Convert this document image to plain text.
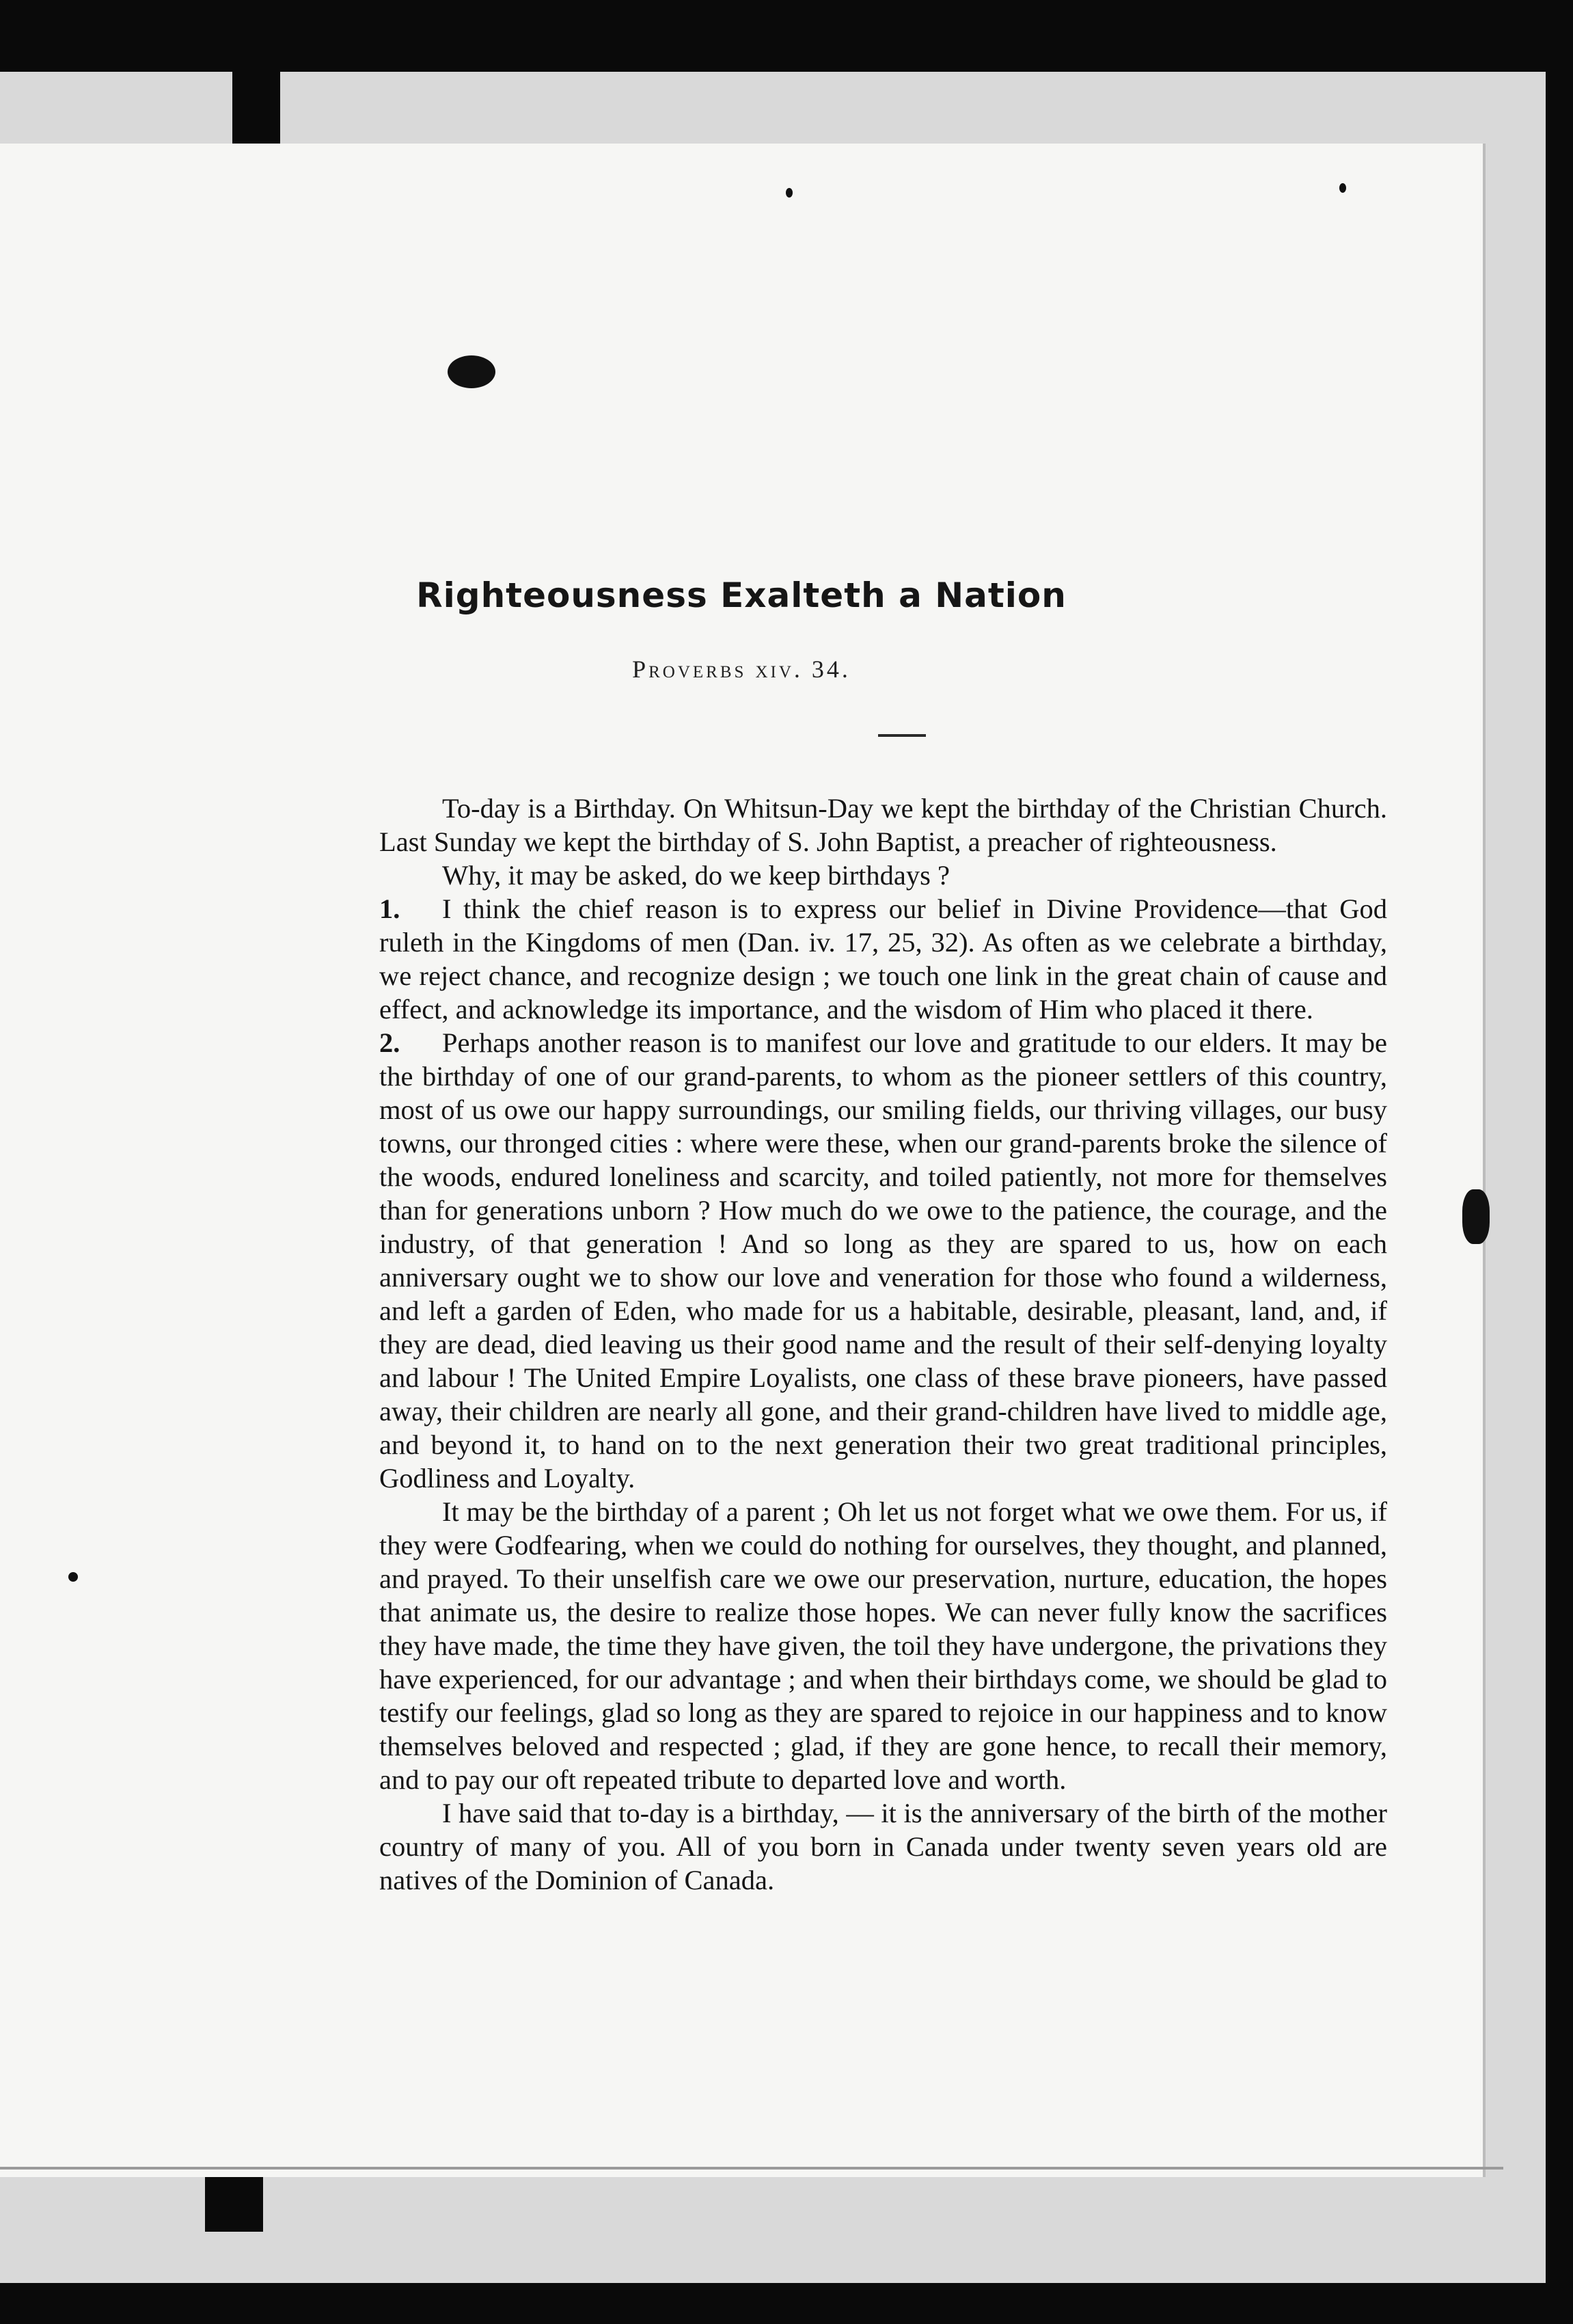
Righteousness Exalteth a Nation
Proverbs xiv. 34.

To-day is a Birthday. On Whitsun-Day we kept the birthday of the Christian Church. Last Sunday we kept the birthday of S. John Baptist, a preacher of righteousness.

Why, it may be asked, do we keep birthdays ?

1. I think the chief reason is to express our belief in Divine Providence—that God ruleth in the Kingdoms of men (Dan. iv. 17, 25, 32). As often as we celebrate a birthday, we reject chance, and recognize design ; we touch one link in the great chain of cause and effect, and acknowledge its importance, and the wisdom of Him who placed it there.

2. Perhaps another reason is to manifest our love and gratitude to our elders. It may be the birthday of one of our grand-parents, to whom as the pioneer settlers of this country, most of us owe our happy surroundings, our smiling fields, our thriving villages, our busy towns, our thronged cities : where were these, when our grand-parents broke the silence of the woods, endured loneliness and scarcity, and toiled patiently, not more for themselves than for generations unborn ? How much do we owe to the patience, the courage, and the industry, of that generation ! And so long as they are spared to us, how on each anniversary ought we to show our love and veneration for those who found a wilderness, and left a garden of Eden, who made for us a habitable, desirable, pleasant, land, and, if they are dead, died leaving us their good name and the result of their self-denying loyalty and labour ! The United Empire Loyalists, one class of these brave pioneers, have passed away, their children are nearly all gone, and their grand-children have lived to middle age, and beyond it, to hand on to the next generation their two great traditional principles, Godliness and Loyalty.

It may be the birthday of a parent ; Oh let us not forget what we owe them. For us, if they were Godfearing, when we could do nothing for ourselves, they thought, and planned, and prayed. To their unselfish care we owe our preservation, nurture, education, the hopes that animate us, the desire to realize those hopes. We can never fully know the sacrifices they have made, the time they have given, the toil they have undergone, the privations they have experienced, for our advantage ; and when their birthdays come, we should be glad to testify our feelings, glad so long as they are spared to rejoice in our happiness and to know themselves beloved and respected ; glad, if they are gone hence, to recall their memory, and to pay our oft repeated tribute to departed love and worth.

I have said that to-day is a birthday, — it is the anniversary of the birth of the mother country of many of you. All of you born in Canada under twenty seven years old are natives of the Dominion of Canada.
